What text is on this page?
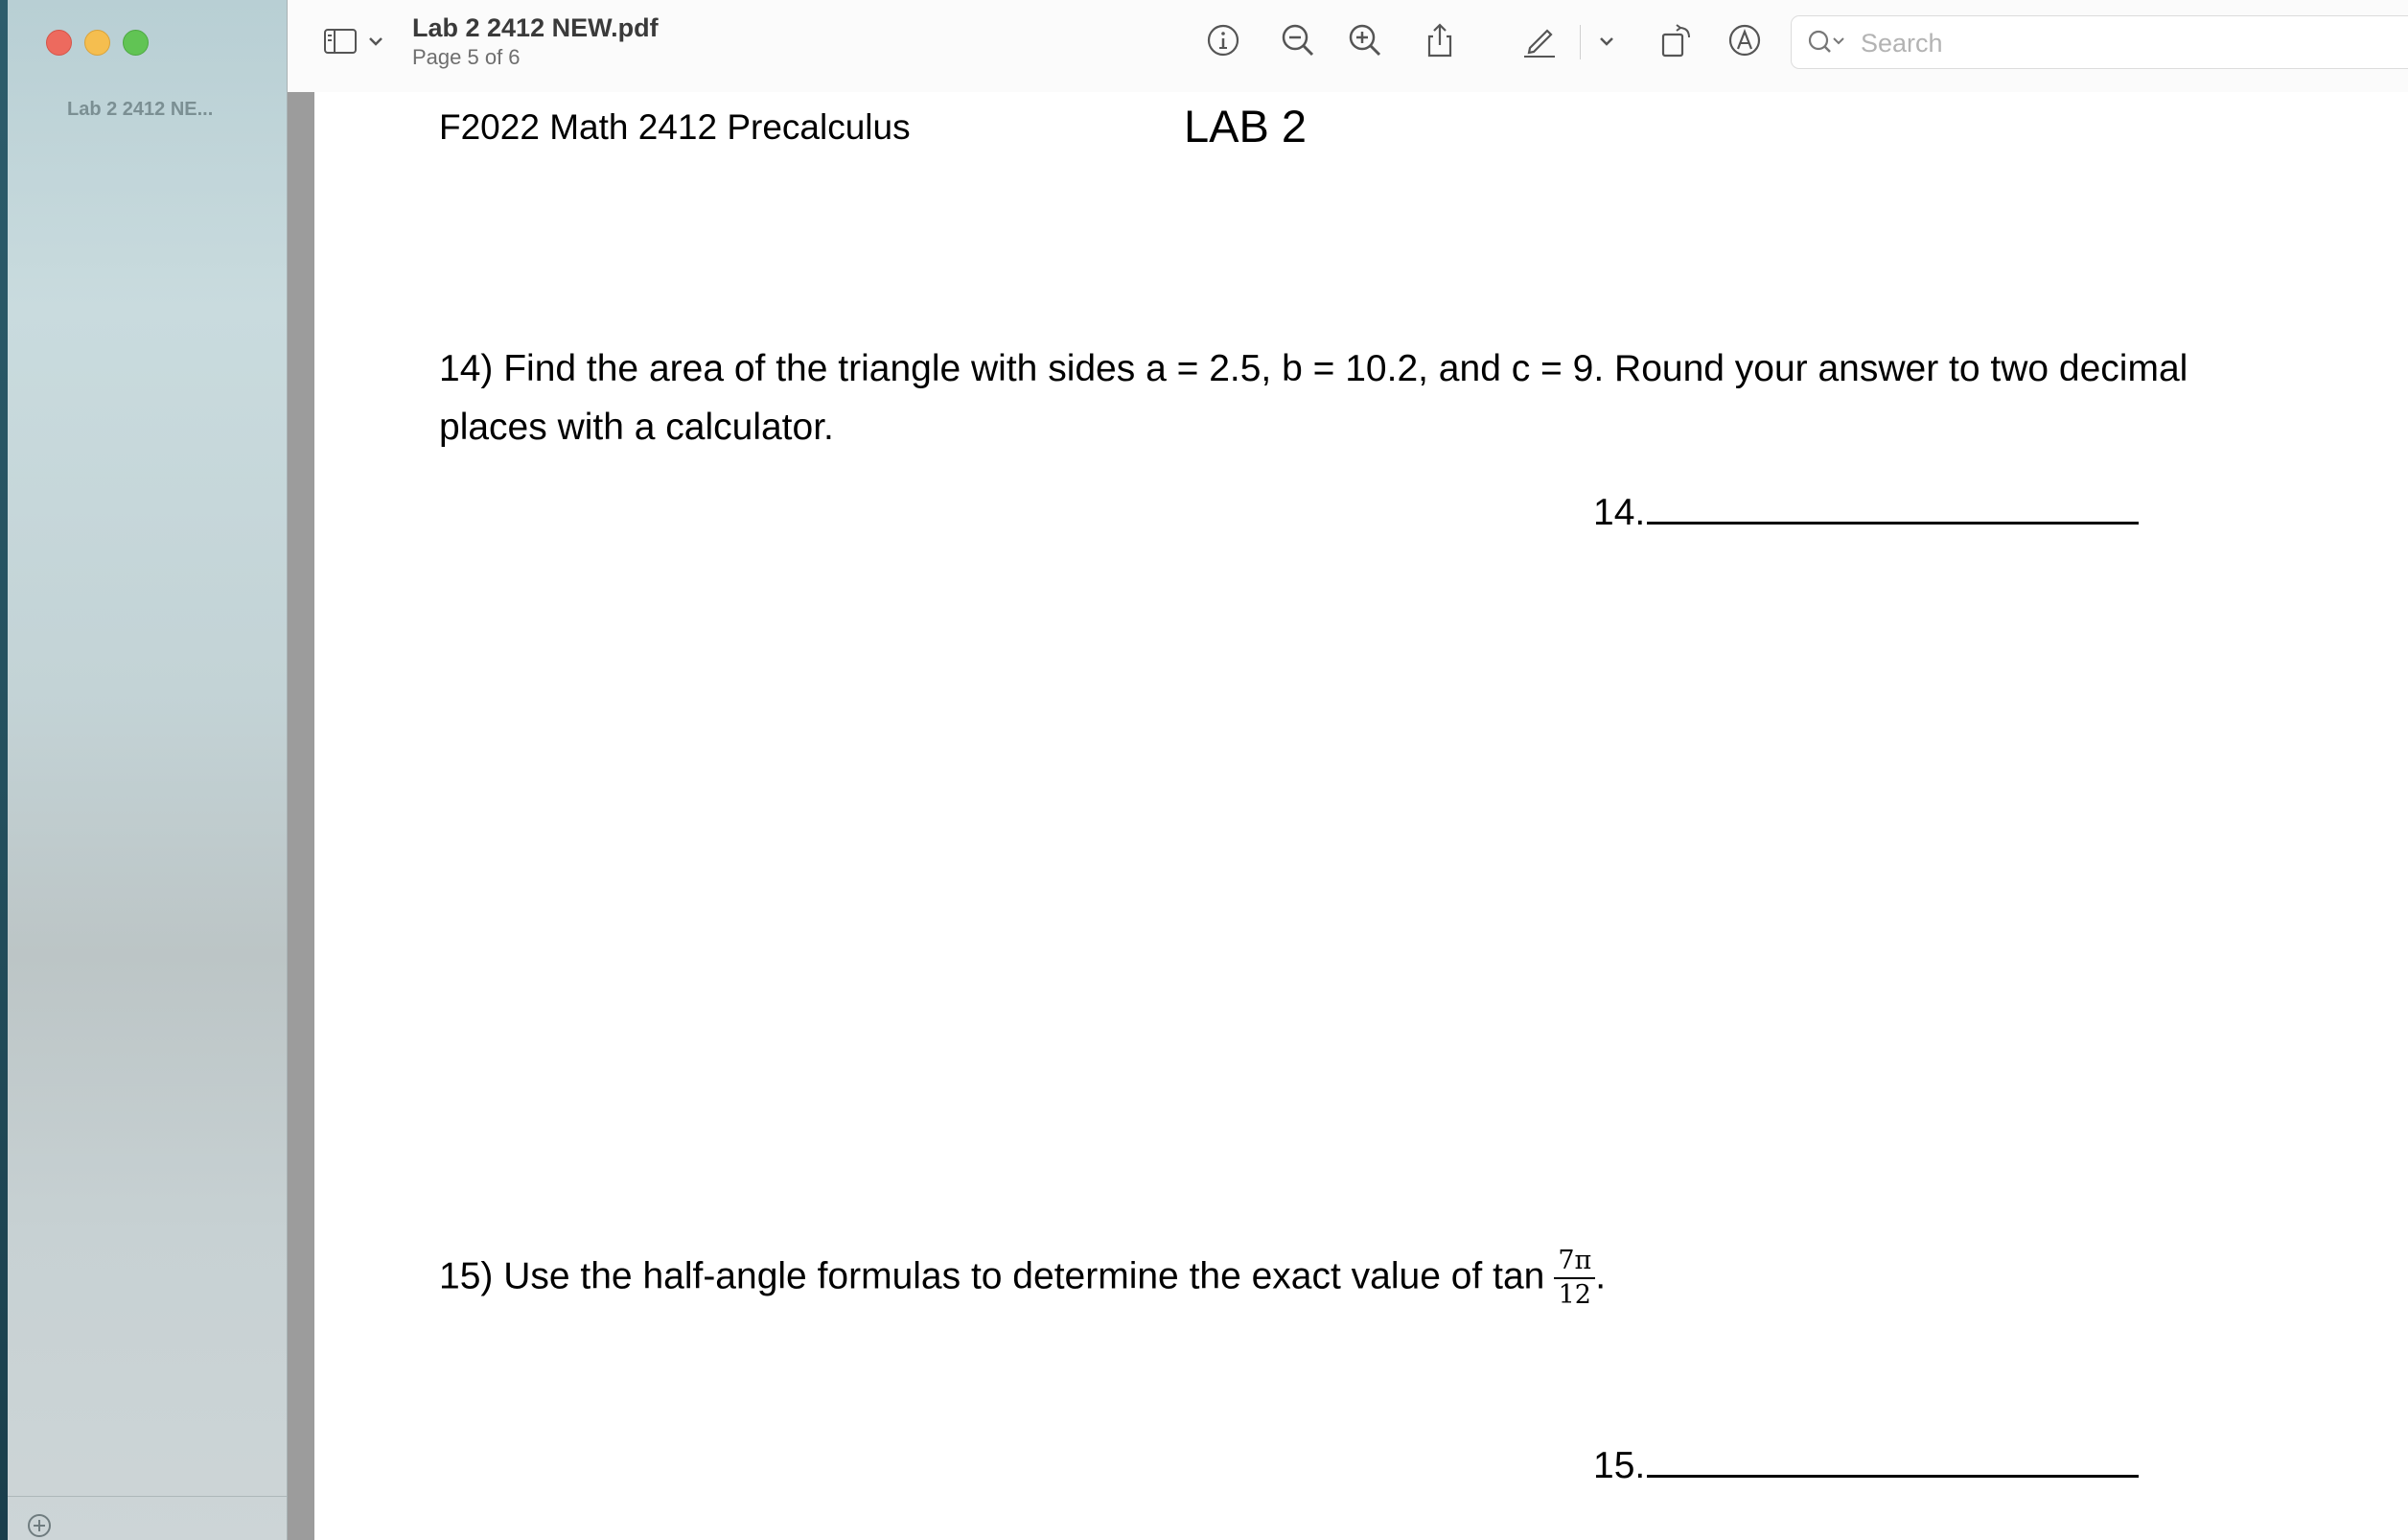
Lab 2 2412 NE...
Lab 2 2412 NEW.pdf
Page 5 of 6	Search
F2022 Math 2412 Precalculus	LAB 2
14) Find the area of the triangle with sides a = 2.5, b = 10.2, and c = 9. Round your answer to two decimal places with a calculator.
14.
15) Use the half-angle formulas to determine the exact value of $\tan \frac{7\pi}{12}$ .
15.
